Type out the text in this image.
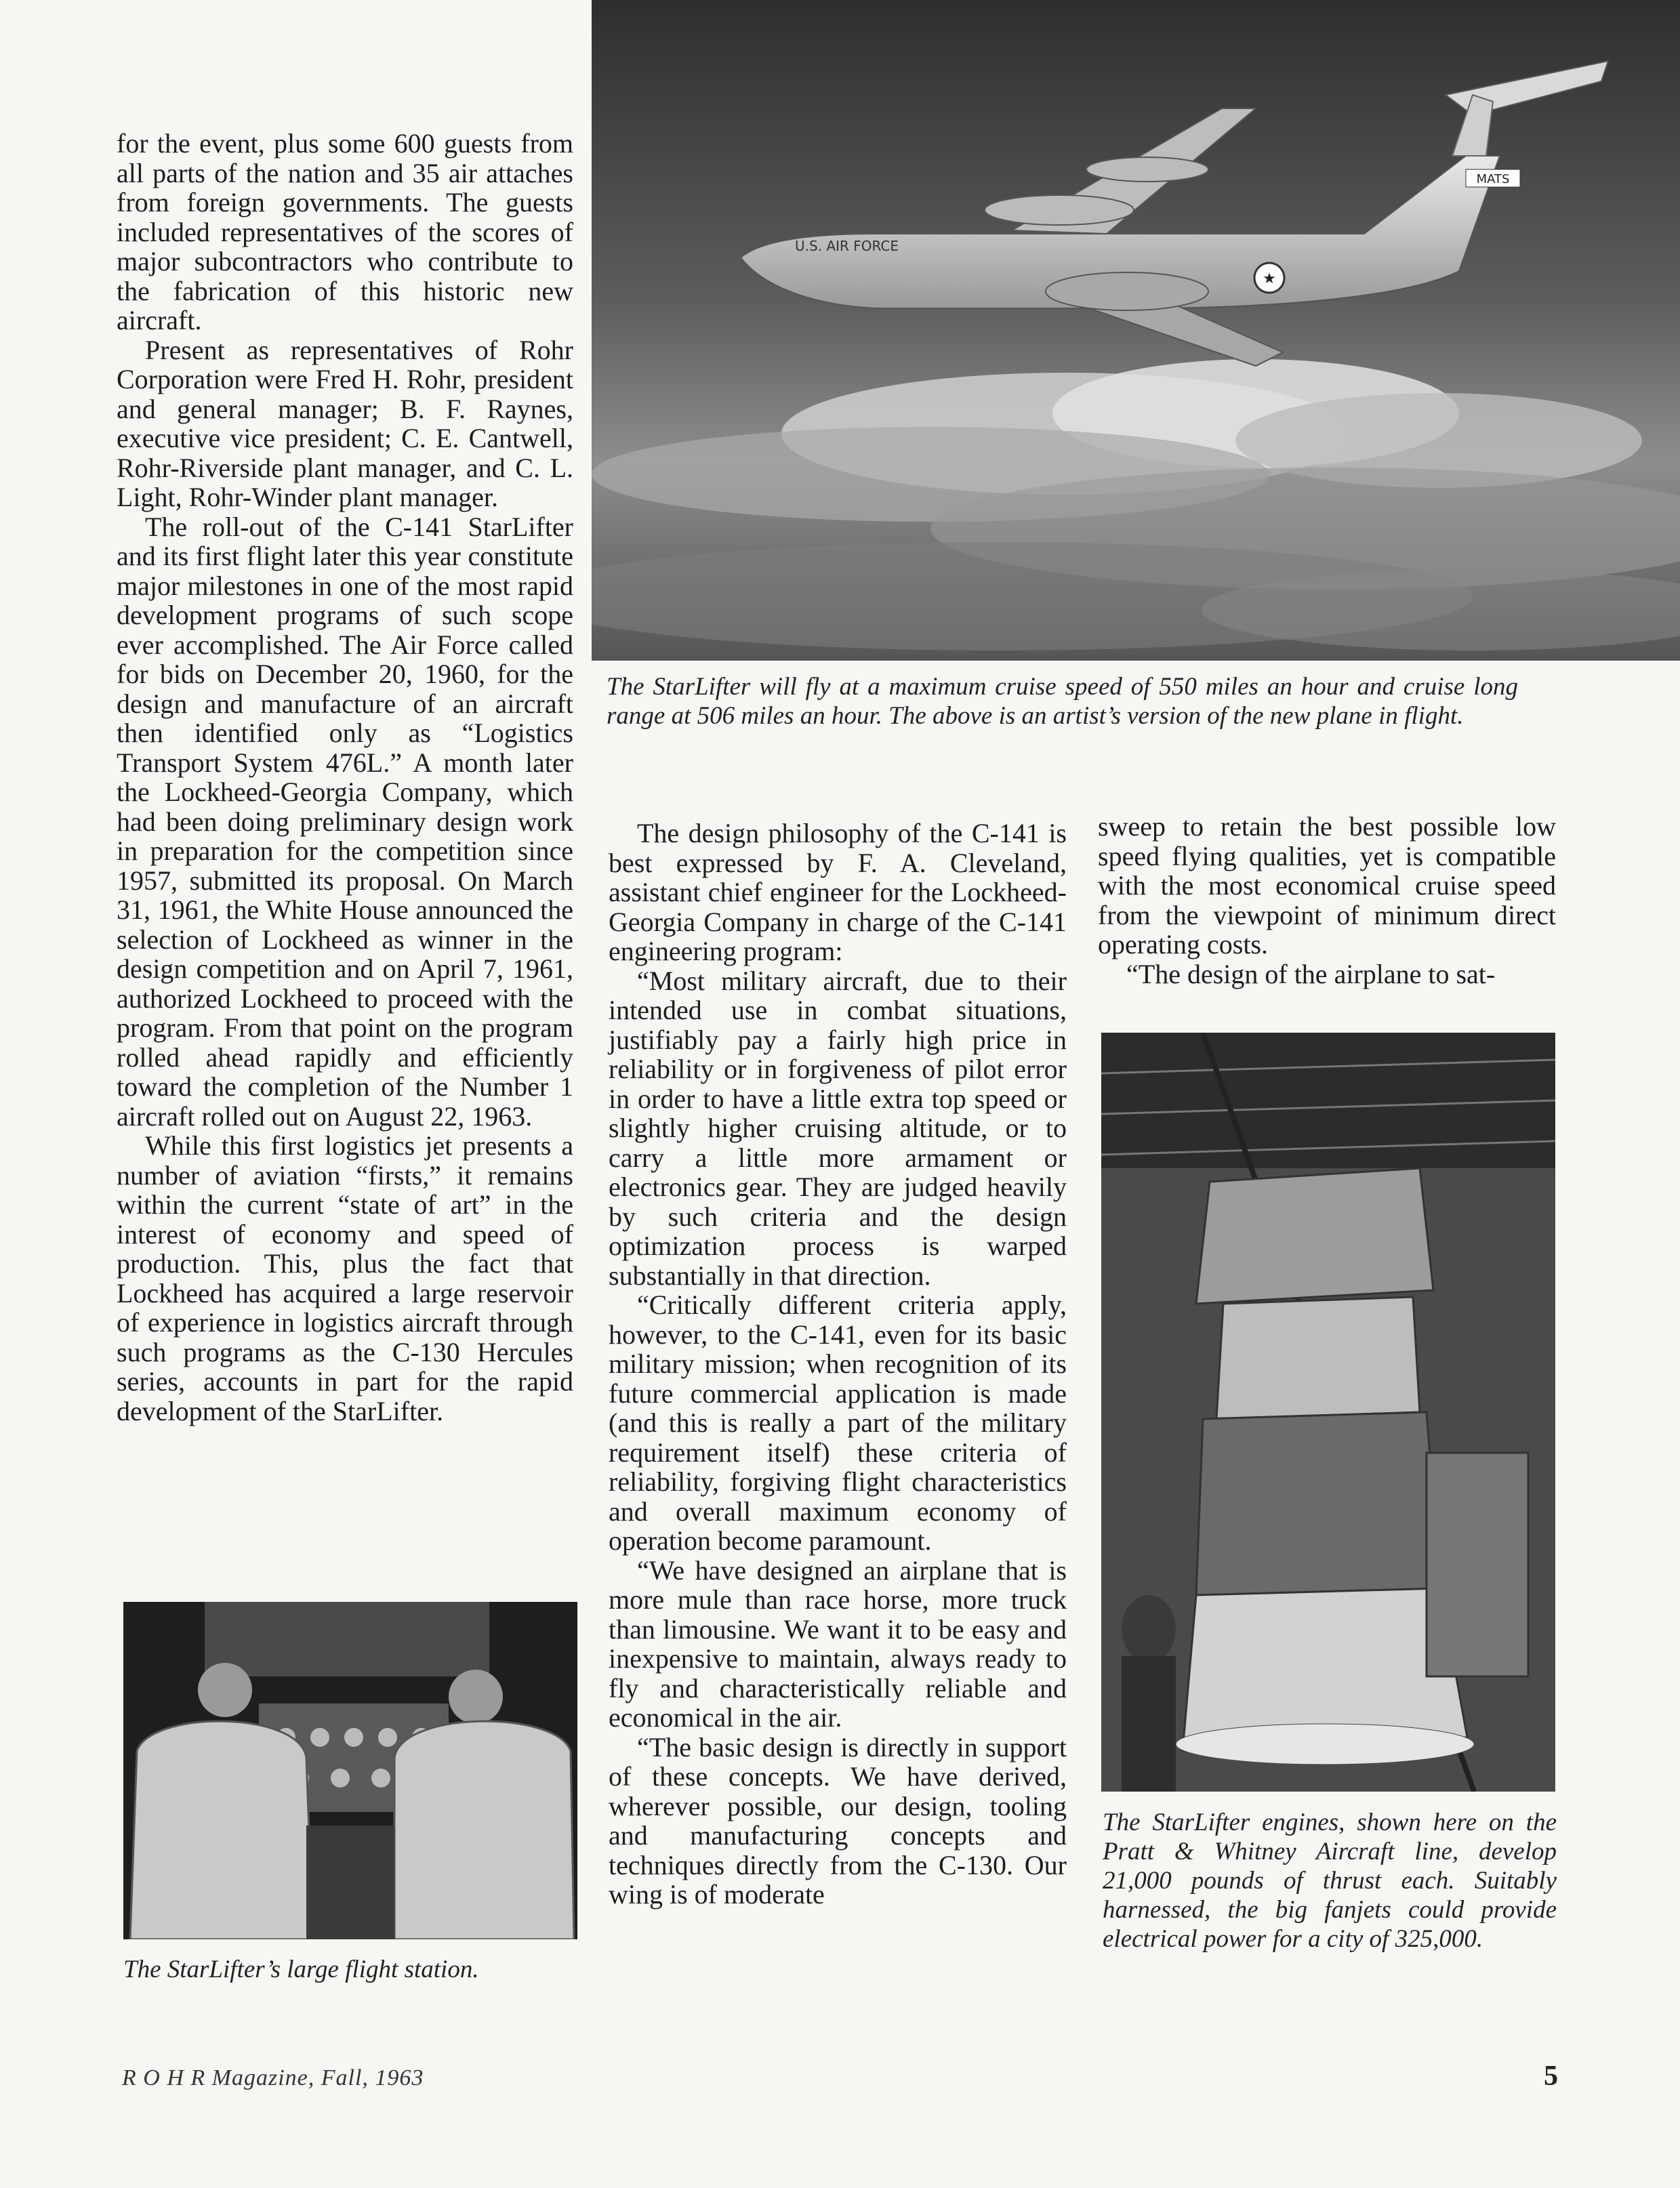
for the event, plus some 600 guests from all parts of the nation and 35 air attaches from foreign governments. The guests included representatives of the scores of major subcontractors who contribute to the fabrication of this historic new aircraft.

Present as representatives of Rohr Corporation were Fred H. Rohr, president and general manager; B. F. Raynes, executive vice president; C. E. Cantwell, Rohr-Riverside plant manager, and C. L. Light, Rohr-Winder plant manager.

The roll-out of the C-141 StarLifter and its first flight later this year constitute major milestones in one of the most rapid development programs of such scope ever accomplished. The Air Force called for bids on December 20, 1960, for the design and manufacture of an aircraft then identified only as “Logistics Transport System 476L.” A month later the Lockheed-Georgia Company, which had been doing preliminary design work in preparation for the competition since 1957, submitted its proposal. On March 31, 1961, the White House announced the selection of Lockheed as winner in the design competition and on April 7, 1961, authorized Lockheed to proceed with the program. From that point on the program rolled ahead rapidly and efficiently toward the completion of the Number 1 aircraft rolled out on August 22, 1963.

While this first logistics jet presents a number of aviation “firsts,” it remains within the current “state of art” in the interest of economy and speed of production. This, plus the fact that Lockheed has acquired a large reservoir of experience in logistics aircraft through such programs as the C-130 Hercules series, accounts in part for the rapid development of the StarLifter.

★
U.S. AIR FORCE
MATS
The StarLifter will fly at a maximum cruise speed of 550 miles an hour and cruise long range at 506 miles an hour. The above is an artist’s version of the new plane in flight.

The design philosophy of the C-141 is best expressed by F. A. Cleveland, assistant chief engineer for the Lockheed-Georgia Company in charge of the C-141 engineering program:

“Most military aircraft, due to their intended use in combat situations, justifiably pay a fairly high price in reliability or in forgiveness of pilot error in order to have a little extra top speed or slightly higher cruising altitude, or to carry a little more armament or electronics gear. They are judged heavily by such criteria and the design optimization process is warped substantially in that direction.

“Critically different criteria apply, however, to the C-141, even for its basic military mission; when recognition of its future commercial application is made (and this is really a part of the military requirement itself) these criteria of reliability, forgiving flight characteristics and overall maximum economy of operation become paramount.

“We have designed an airplane that is more mule than race horse, more truck than limousine. We want it to be easy and inexpensive to maintain, always ready to fly and characteristically reliable and economical in the air.

“The basic design is directly in support of these concepts. We have derived, wherever possible, our design, tooling and manufacturing concepts and techniques directly from the C-130. Our wing is of moderate

sweep to retain the best possible low speed flying qualities, yet is compatible with the most economical cruise speed from the viewpoint of minimum direct operating costs.

“The design of the airplane to sat-

The StarLifter engines, shown here on the Pratt & Whitney Aircraft line, develop 21,000 pounds of thrust each. Suitably harnessed, the big fanjets could provide electrical power for a city of 325,000.
The StarLifter’s large flight station.
R O H R Magazine, Fall, 1963	5
